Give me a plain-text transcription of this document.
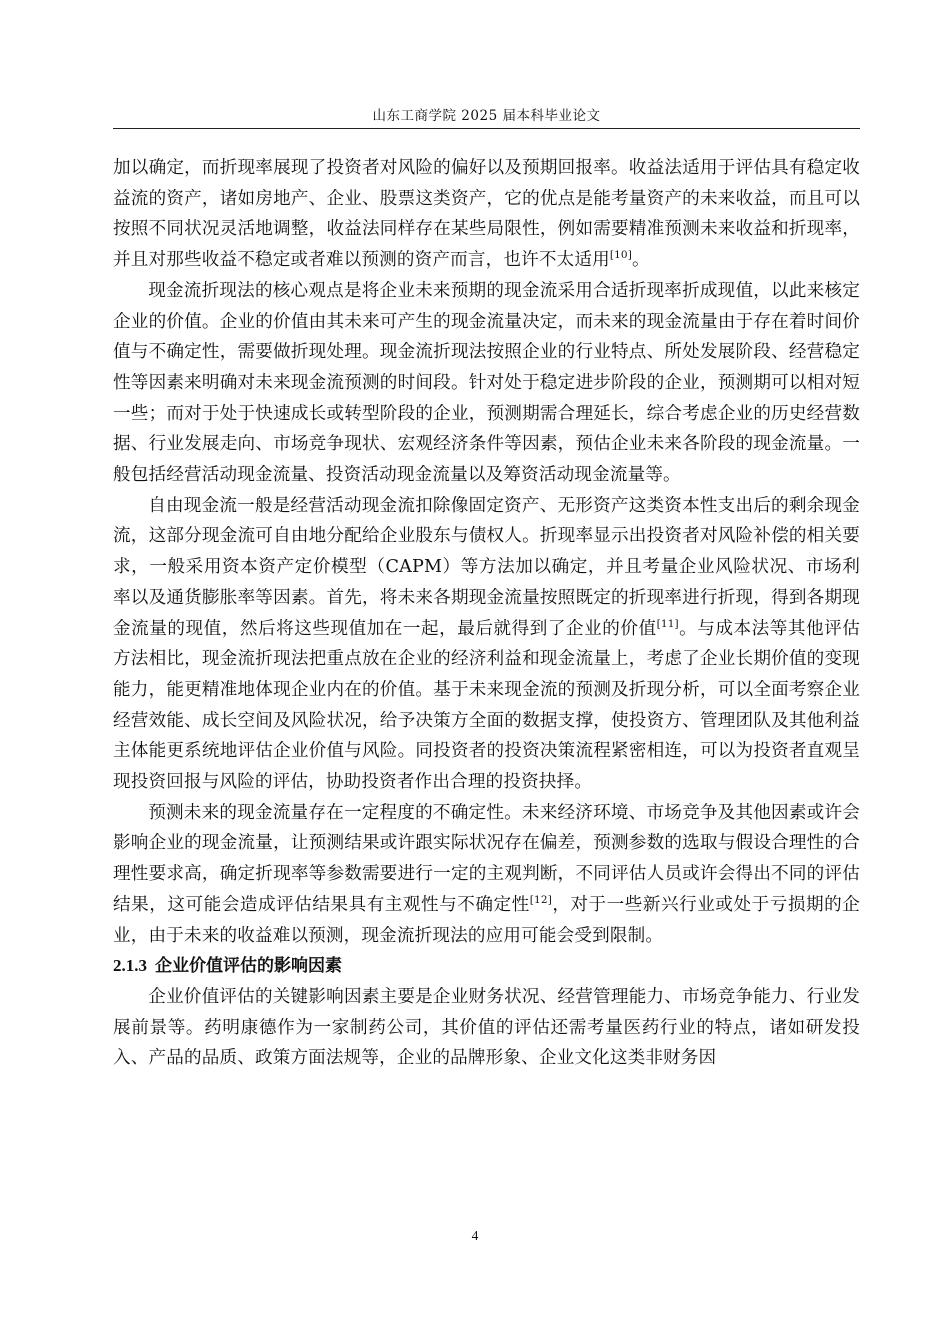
山东工商学院 2025 届本科毕业论文

加以确定，而折现率展现了投资者对风险的偏好以及预期回报率。收益法适用于评估具有稳定收益流的资产，诸如房地产、企业、股票这类资产，它的优点是能考量资产的未来收益，而且可以按照不同状况灵活地调整，收益法同样存在某些局限性，例如需要精准预测未来收益和折现率，并且对那些收益不稳定或者难以预测的资产而言，也许不太适用[10]。

现金流折现法的核心观点是将企业未来预期的现金流采用合适折现率折成现值，以此来核定企业的价值。企业的价值由其未来可产生的现金流量决定，而未来的现金流量由于存在着时间价值与不确定性，需要做折现处理。现金流折现法按照企业的行业特点、所处发展阶段、经营稳定性等因素来明确对未来现金流预测的时间段。针对处于稳定进步阶段的企业，预测期可以相对短一些；而对于处于快速成长或转型阶段的企业，预测期需合理延长，综合考虑企业的历史经营数据、行业发展走向、市场竞争现状、宏观经济条件等因素，预估企业未来各阶段的现金流量。一般包括经营活动现金流量、投资活动现金流量以及筹资活动现金流量等。

自由现金流一般是经营活动现金流扣除像固定资产、无形资产这类资本性支出后的剩余现金流，这部分现金流可自由地分配给企业股东与债权人。折现率显示出投资者对风险补偿的相关要求，一般采用资本资产定价模型（CAPM）等方法加以确定，并且考量企业风险状况、市场利率以及通货膨胀率等因素。首先，将未来各期现金流量按照既定的折现率进行折现，得到各期现金流量的现值，然后将这些现值加在一起，最后就得到了企业的价值[11]。与成本法等其他评估方法相比，现金流折现法把重点放在企业的经济利益和现金流量上，考虑了企业长期价值的变现能力，能更精准地体现企业内在的价值。基于未来现金流的预测及折现分析，可以全面考察企业经营效能、成长空间及风险状况，给予决策方全面的数据支撑，使投资方、管理团队及其他利益主体能更系统地评估企业价值与风险。同投资者的投资决策流程紧密相连，可以为投资者直观呈现投资回报与风险的评估，协助投资者作出合理的投资抉择。

预测未来的现金流量存在一定程度的不确定性。未来经济环境、市场竞争及其他因素或许会影响企业的现金流量，让预测结果或许跟实际状况存在偏差，预测参数的选取与假设合理性的合理性要求高，确定折现率等参数需要进行一定的主观判断，不同评估人员或许会得出不同的评估结果，这可能会造成评估结果具有主观性与不确定性[12]，对于一些新兴行业或处于亏损期的企业，由于未来的收益难以预测，现金流折现法的应用可能会受到限制。

2.1.3 企业价值评估的影响因素

企业价值评估的关键影响因素主要是企业财务状况、经营管理能力、市场竞争能力、行业发展前景等。药明康德作为一家制药公司，其价值的评估还需考量医药行业的特点，诸如研发投入、产品的品质、政策方面法规等，企业的品牌形象、企业文化这类非财务因

4
